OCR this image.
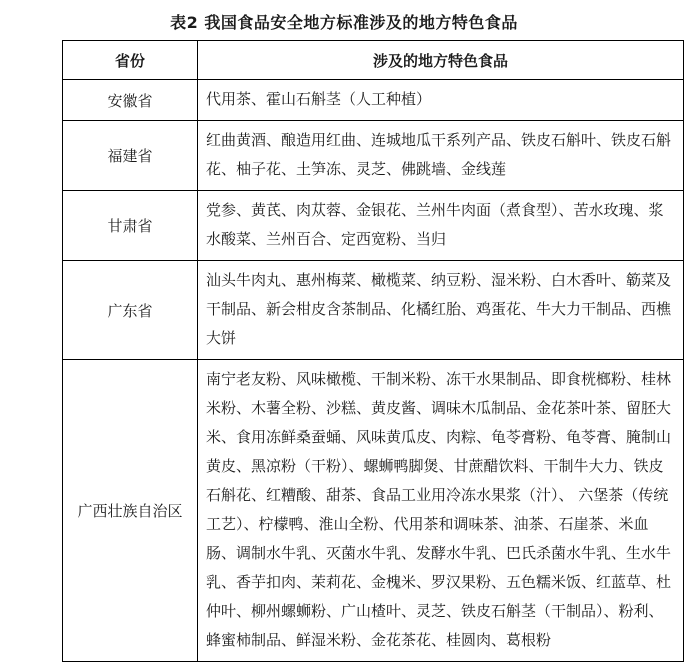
表2 我国食品安全地方标准涉及的地方特色食品
省份	涉及的地方特色食品
安徽省	代用茶、霍山石斛茎（人工种植）
福建省	红曲黄酒、酿造用红曲、连城地瓜干系列产品、铁皮石斛叶、铁皮石斛花、柚子花、土笋冻、灵芝、佛跳墙、金线莲
甘肃省	党参、黄芪、肉苁蓉、金银花、兰州牛肉面（煮食型）、苦水玫瑰、浆水酸菜、兰州百合、定西宽粉、当归
广东省	汕头牛肉丸、惠州梅菜、橄榄菜、纳豆粉、湿米粉、白木香叶、簕菜及干制品、新会柑皮含茶制品、化橘红胎、鸡蛋花、牛大力干制品、西樵大饼
广西壮族自治区	南宁老友粉、风味橄榄、干制米粉、冻干水果制品、即食桄榔粉、桂林米粉、木薯全粉、沙糕、黄皮酱、调味木瓜制品、金花茶叶茶、留胚大米、食用冻鲜桑蚕蛹、风味黄瓜皮、肉粽、龟苓膏粉、龟苓膏、腌制山黄皮、黑凉粉（干粉）、螺蛳鸭脚煲、甘蔗醋饮料、干制牛大力、铁皮石斛花、红糟酸、甜茶、食品工业用冷冻水果浆（汁）、 六堡茶（传统工艺）、柠檬鸭、淮山全粉、代用茶和调味茶、油茶、石崖茶、米血肠、调制水牛乳、灭菌水牛乳、发酵水牛乳、巴氏杀菌水牛乳、生水牛乳、香芋扣肉、茉莉花、金槐米、罗汉果粉、五色糯米饭、红蓝草、杜仲叶、柳州螺蛳粉、广山楂叶、灵芝、铁皮石斛茎（干制品）、粉利、蜂蜜柿制品、鲜湿米粉、金花茶花、桂圆肉、葛根粉
